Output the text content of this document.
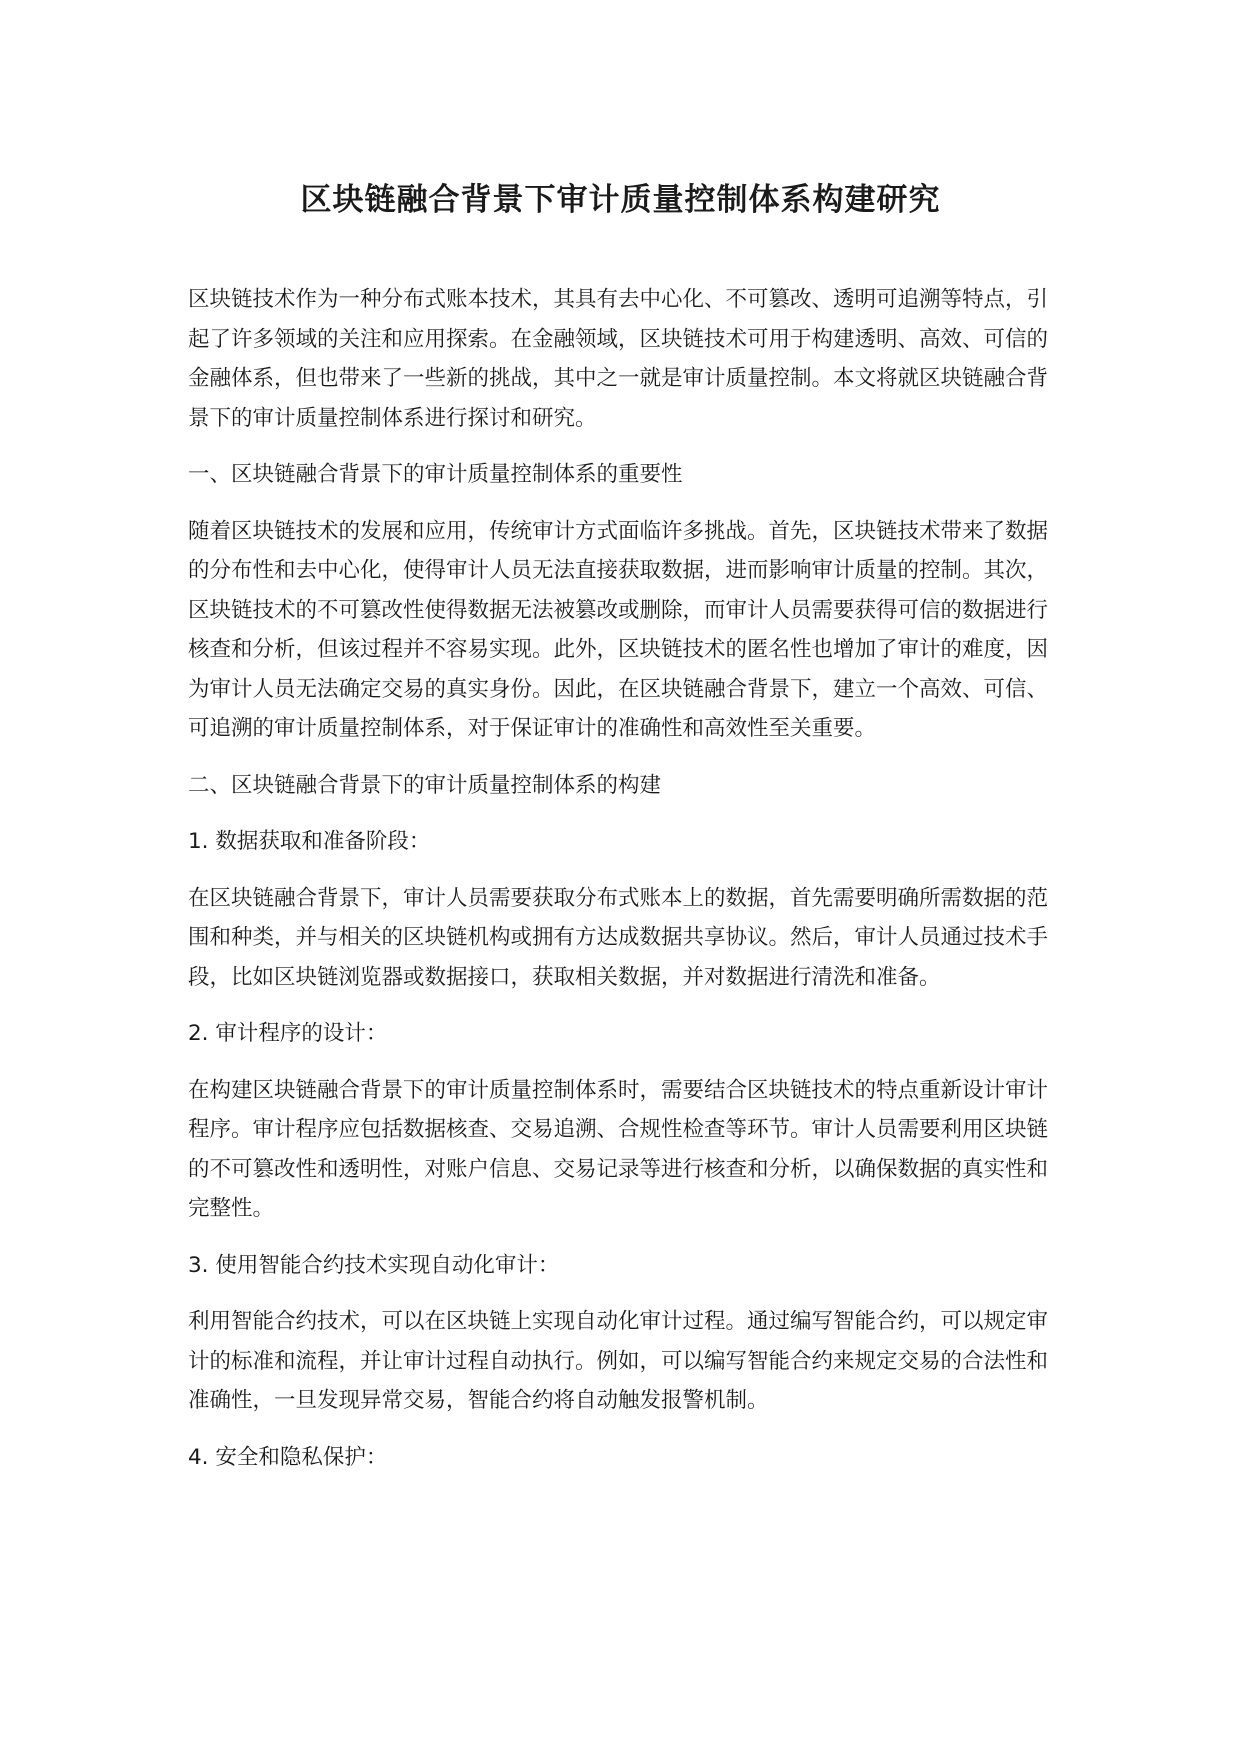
区块链融合背景下审计质量控制体系构建研究

区块链技术作为一种分布式账本技术，其具有去中心化、不可篡改、透明可追溯等特点，引起了许多领域的关注和应用探索。在金融领域，区块链技术可用于构建透明、高效、可信的金融体系，但也带来了一些新的挑战，其中之一就是审计质量控制。本文将就区块链融合背景下的审计质量控制体系进行探讨和研究。

一、区块链融合背景下的审计质量控制体系的重要性

随着区块链技术的发展和应用，传统审计方式面临许多挑战。首先，区块链技术带来了数据的分布性和去中心化，使得审计人员无法直接获取数据，进而影响审计质量的控制。其次，区块链技术的不可篡改性使得数据无法被篡改或删除，而审计人员需要获得可信的数据进行核查和分析，但该过程并不容易实现。此外，区块链技术的匿名性也增加了审计的难度，因为审计人员无法确定交易的真实身份。因此，在区块链融合背景下，建立一个高效、可信、可追溯的审计质量控制体系，对于保证审计的准确性和高效性至关重要。

二、区块链融合背景下的审计质量控制体系的构建

1. 数据获取和准备阶段：

在区块链融合背景下，审计人员需要获取分布式账本上的数据，首先需要明确所需数据的范围和种类，并与相关的区块链机构或拥有方达成数据共享协议。然后，审计人员通过技术手段，比如区块链浏览器或数据接口，获取相关数据，并对数据进行清洗和准备。

2. 审计程序的设计：

在构建区块链融合背景下的审计质量控制体系时，需要结合区块链技术的特点重新设计审计程序。审计程序应包括数据核查、交易追溯、合规性检查等环节。审计人员需要利用区块链的不可篡改性和透明性，对账户信息、交易记录等进行核查和分析，以确保数据的真实性和完整性。

3. 使用智能合约技术实现自动化审计：

利用智能合约技术，可以在区块链上实现自动化审计过程。通过编写智能合约，可以规定审计的标准和流程，并让审计过程自动执行。例如，可以编写智能合约来规定交易的合法性和准确性，一旦发现异常交易，智能合约将自动触发报警机制。

4. 安全和隐私保护：
